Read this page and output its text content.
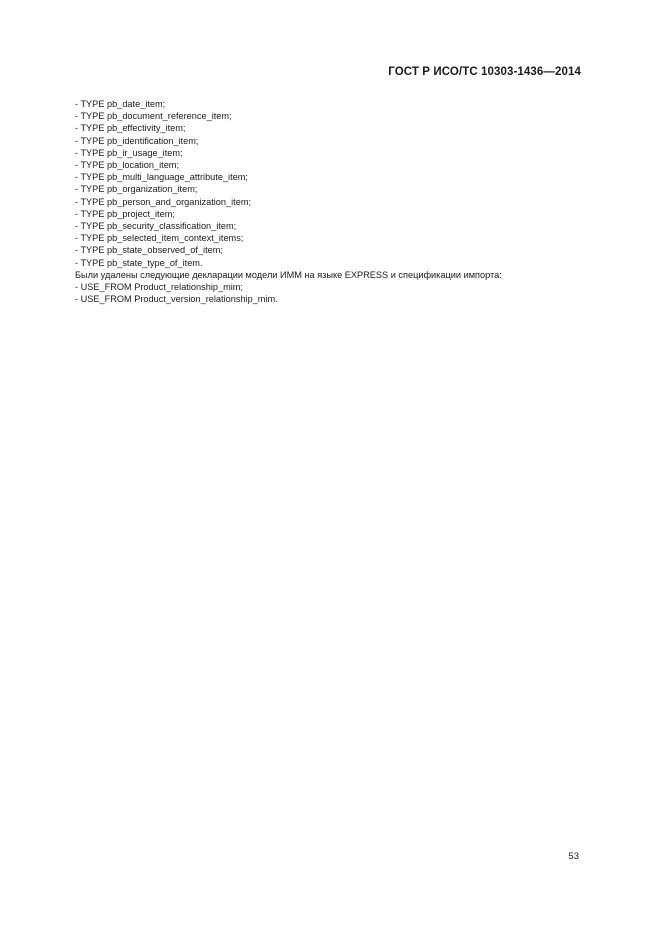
ГОСТ Р ИСО/ТС 10303-1436—2014
- TYPE pb_date_item;
- TYPE pb_document_reference_item;
- TYPE pb_effectivity_item;
- TYPE pb_identification_item;
- TYPE pb_ir_usage_item;
- TYPE pb_location_item;
- TYPE pb_multi_language_attribute_item;
- TYPE pb_organization_item;
- TYPE pb_person_and_organization_item;
- TYPE pb_project_item;
- TYPE pb_security_classification_item;
- TYPE pb_selected_item_context_items;
- TYPE pb_state_observed_of_item;
- TYPE pb_state_type_of_item.
Были удалены следующие декларации модели ИММ на языке EXPRESS и спецификации импорта:
- USE_FROM Product_relationship_mim;
- USE_FROM Product_version_relationship_mim.
53
